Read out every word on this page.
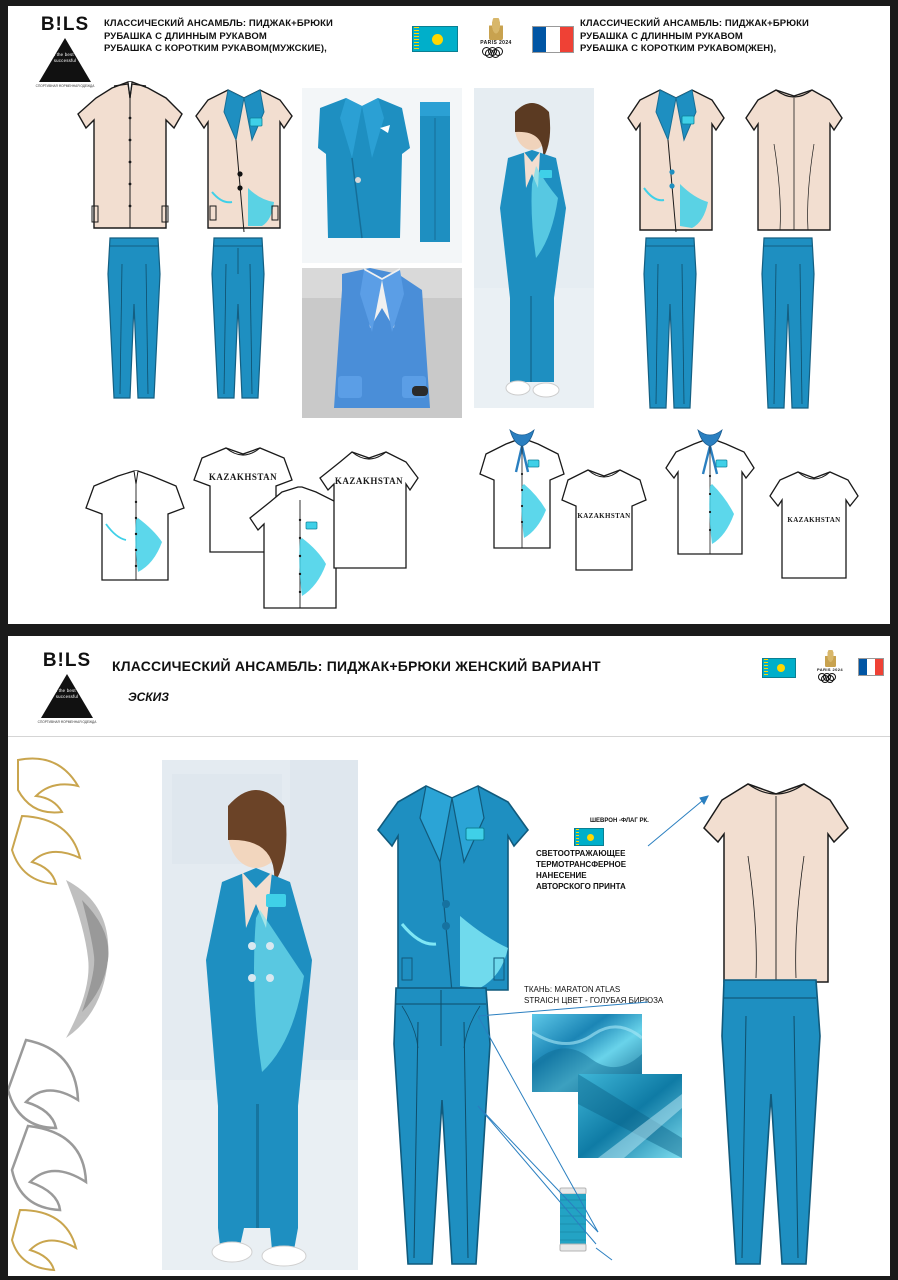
B!LS
I am the best only successful
СПОРТИВНАЯ ФОРМЕННАЯ ОДЕЖДА
КЛАССИЧЕСКИЙ АНСАМБЛЬ: ПИДЖАК+БРЮКИ
РУБАШКА С ДЛИННЫМ РУКАВОМ
РУБАШКА С КОРОТКИМ РУКАВОМ(МУЖСКИЕ),	PARIS 2024
КЛАССИЧЕСКИЙ АНСАМБЛЬ: ПИДЖАК+БРЮКИ
РУБАШКА С ДЛИННЫМ РУКАВОМ
РУБАШКА С КОРОТКИМ РУКАВОМ(ЖЕН),
KAZAKHSTAN	KAZAKHSTAN
KAZAKHSTAN	KAZAKHSTAN
B!LS
I am the best only successful
СПОРТИВНАЯ ФОРМЕННАЯ ОДЕЖДА
КЛАССИЧЕСКИЙ АНСАМБЛЬ: ПИДЖАК+БРЮКИ ЖЕНСКИЙ ВАРИАНТ
ЭСКИЗ
PARIS 2024
ШЕВРОН -ФЛАГ РК.
СВЕТООТРАЖАЮЩЕЕ
ТЕРМОТРАНСФЕРНОЕ
НАНЕСЕНИЕ
АВТОРСКОГО ПРИНТА
ТКАНЬ: MARATON ATLAS
STRAICH ЦВЕТ - ГОЛУБАЯ БИРЮЗА
